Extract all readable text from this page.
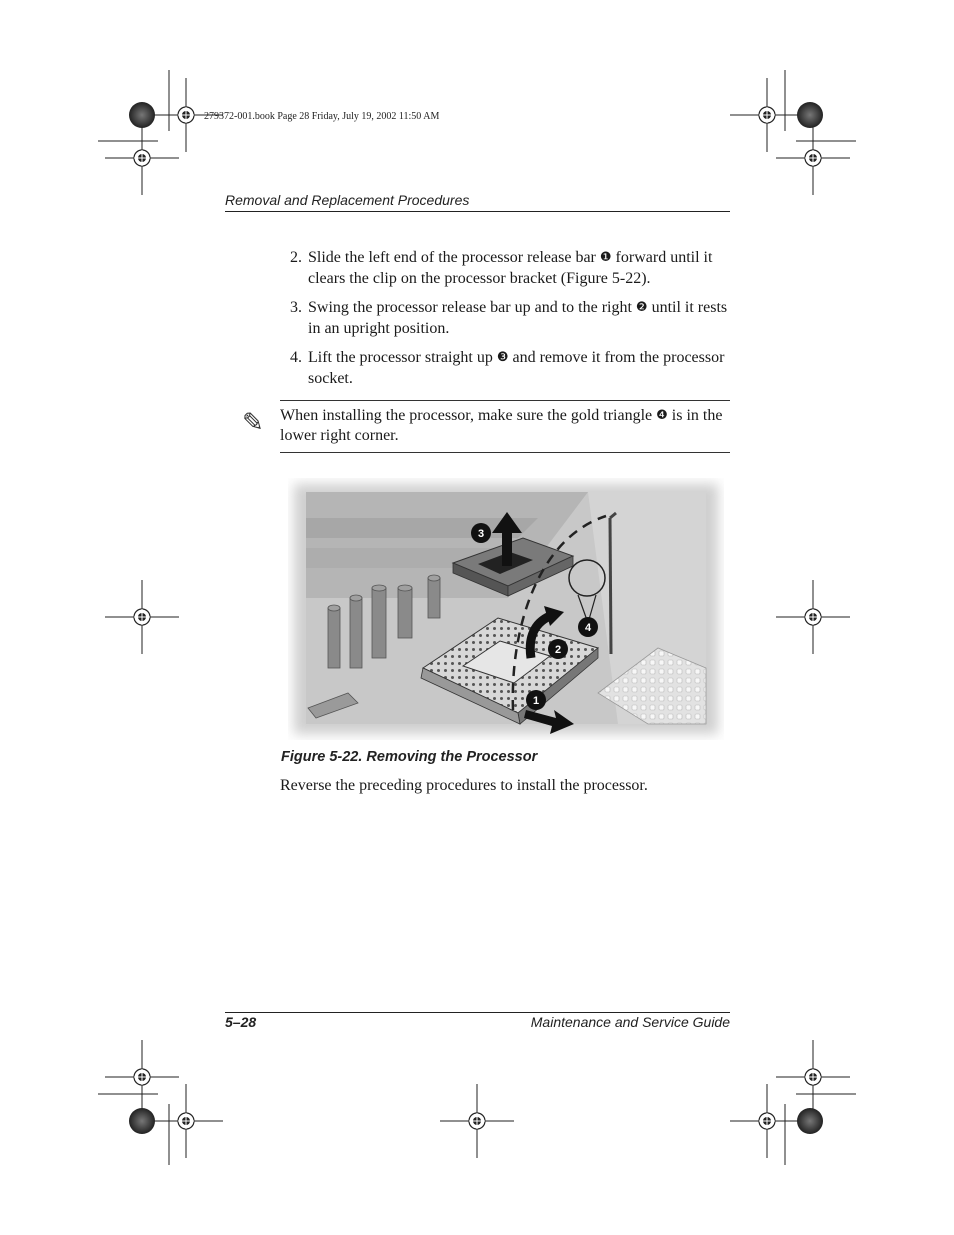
279372-001.book Page 28 Friday, July 19, 2002 11:50 AM
Removal and Replacement Procedures
2. Slide the left end of the processor release bar ❶ forward until it clears the clip on the processor bracket (Figure 5-22).
3. Swing the processor release bar up and to the right ❷ until it rests in an upright position.
4. Lift the processor straight up ❸ and remove it from the processor socket.
✎ When installing the processor, make sure the gold triangle ❹ is in the lower right corner.
3
2
4
1
Figure 5-22. Removing the Processor
Reverse the preceding procedures to install the processor.
5–28	Maintenance and Service Guide
